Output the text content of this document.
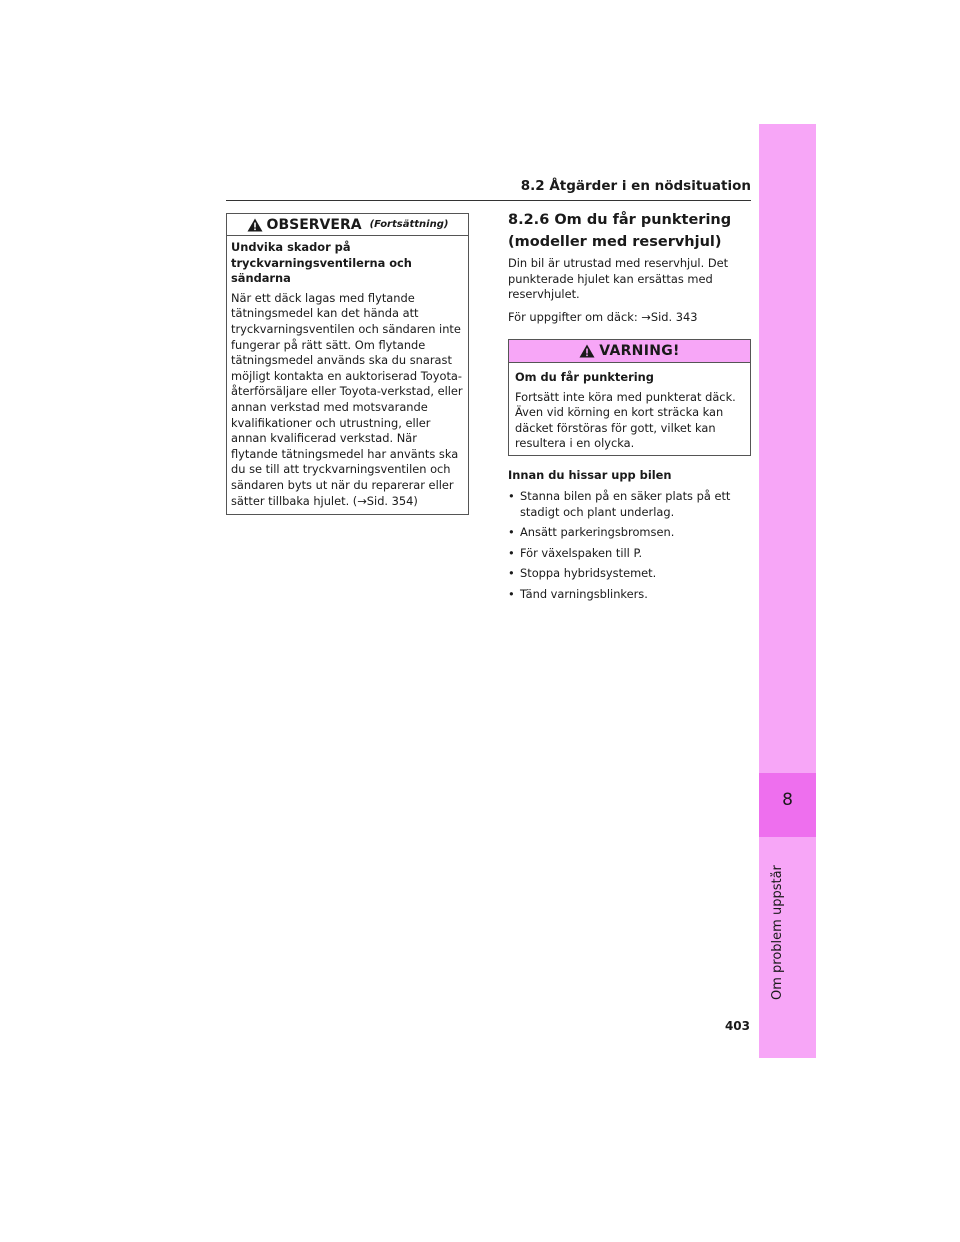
8
Om problem uppstår
8.2 Åtgärder i en nödsituation
OBSERVERA (Fortsättning)

Undvika skador på tryckvarningsventilerna och sändarna

När ett däck lagas med flytande tätningsmedel kan det hända att tryckvarningsventilen och sändaren inte fungerar på rätt sätt. Om flytande tätningsmedel används ska du snarast möjligt kontakta en auktoriserad Toyota-återförsäljare eller Toyota-verkstad, eller annan verkstad med motsvarande kvalifikationer och utrustning, eller annan kvalificerad verkstad. När flytande tätningsmedel har använts ska du se till att tryckvarningsventilen och sändaren byts ut när du reparerar eller sätter tillbaka hjulet. (→Sid. 354)

8.2.6 Om du får punktering
(modeller med reservhjul)

Din bil är utrustad med reservhjul. Det punkterade hjulet kan ersättas med reservhjulet.

För uppgifter om däck: →Sid. 343

VARNING!

Om du får punktering

Fortsätt inte köra med punkterat däck. Även vid körning en kort sträcka kan däcket förstöras för gott, vilket kan resultera i en olycka.

Innan du hissar upp bilen

• Stanna bilen på en säker plats på ett stadigt och plant underlag.
• Ansätt parkeringsbromsen.
• För växelspaken till P.
• Stoppa hybridsystemet.
• Tänd varningsblinkers.
403
